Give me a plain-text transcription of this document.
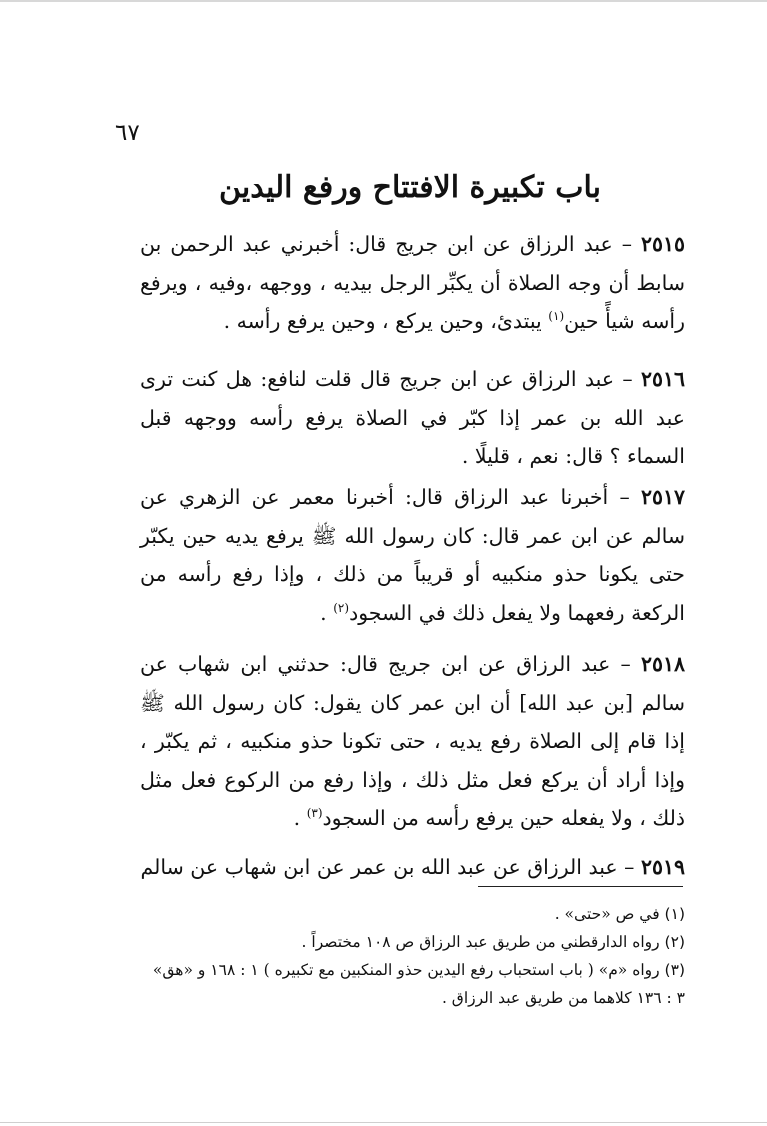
٦٧
باب تكبيرة الافتتاح ورفع اليدين

٢٥١٥ – عبد الرزاق عن ابن جريج قال: أخبرني عبد الرحمن بن سابط أن وجه الصلاة أن يكبِّر الرجل بيديه ، ووجهه ،وفيه ، ويرفع رأسه شيأً حين$^{(١)}$ يبتدئ، وحين يركع ، وحين يرفع رأسه .

٢٥١٦ – عبد الرزاق عن ابن جريج قال قلت لنافع: هل كنت ترى عبد الله بن عمر إذا كبّر في الصلاة يرفع رأسه ووجهه قبل السماء ؟ قال: نعم ، قليلًا .

٢٥١٧ – أخبرنا عبد الرزاق قال: أخبرنا معمر عن الزهري عن سالم عن ابن عمر قال: كان رسول الله ﷺ يرفع يديه حين يكبّر حتى يكونا حذو منكبيه أو قريباً من ذلك ، وإذا رفع رأسه من الركعة رفعهما ولا يفعل ذلك في السجود$^{(٢)}$ .

٢٥١٨ – عبد الرزاق عن ابن جريج قال: حدثني ابن شهاب عن سالم [بن عبد الله] أن ابن عمر كان يقول: كان رسول الله ﷺ إذا قام إلى الصلاة رفع يديه ، حتى تكونا حذو منكبيه ، ثم يكبّر ، وإذا أراد أن يركع فعل مثل ذلك ، وإذا رفع من الركوع فعل مثل ذلك ، ولا يفعله حين يرفع رأسه من السجود$^{(٣)}$ .

٢٥١٩ – عبد الرزاق عن عبد الله بن عمر عن ابن شهاب عن سالم

(١) في ص «حتى» .

(٢) رواه الدارقطني من طريق عبد الرزاق ص ١٠٨ مختصراً .

(٣) رواه «م» ( باب استحباب رفع اليدين حذو المنكبين مع تكبيره ) ١ : ١٦٨ و «هق» ٣ : ١٣٦ كلاهما من طريق عبد الرزاق .
